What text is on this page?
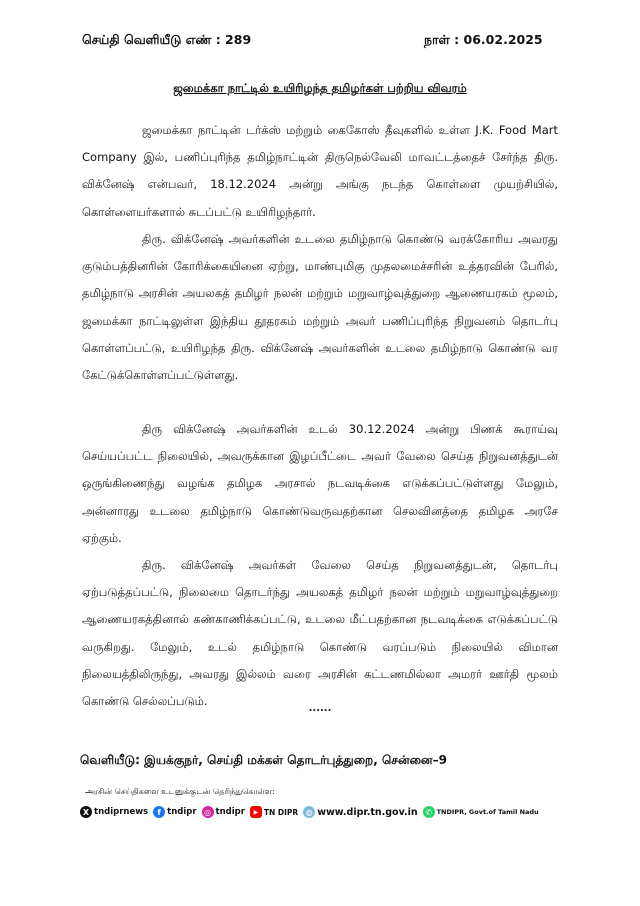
செய்தி வெளியீடு எண் : 289	நாள் : 06.02.2025
ஜமைக்கா நாட்டில் உயிரிழந்த தமிழர்கள் பற்றிய விவரம்
ஜமைக்கா நாட்டின் டர்க்ஸ் மற்றும் கைகோஸ் தீவுகளில் உள்ள J.K. Food Mart Company இல், பணிப்புரிந்த தமிழ்நாட்டின் திருநெல்வேலி மாவட்டத்தைச் சேர்ந்த திரு. விக்னேஷ் என்பவர், 18.12.2024 அன்று அங்கு நடந்த கொள்ளை முயற்சியில், கொள்ளையர்களால் சுடப்பட்டு உயிரிழந்தார்.
திரு. விக்னேஷ் அவர்களின் உடலை தமிழ்நாடு கொண்டு வரக்கோரிய அவரது குடும்பத்தினரின் கோரிக்கையினை ஏற்று, மாண்புமிகு முதலமைச்சரின் உத்தரவின் பேரில், தமிழ்நாடு அரசின் அயலகத் தமிழர் நலன் மற்றும் மறுவாழ்வுத்துறை ஆணையரகம் மூலம், ஜமைக்கா நாட்டிலுள்ள இந்திய தூதரகம் மற்றும் அவர் பணிப்புரிந்த நிறுவனம் தொடர்பு கொள்ளப்பட்டு, உயிரிழந்த திரு. விக்னேஷ் அவர்களின் உடலை தமிழ்நாடு கொண்டு வர கேட்டுக்கொள்ளப்பட்டுள்ளது.
திரு விக்னேஷ் அவர்களின் உடல் 30.12.2024 அன்று பிணக் கூராய்வு செய்யப்பட்ட நிலையில், அவருக்கான இழப்பீட்டை அவர் வேலை செய்த நிறுவனத்துடன் ஒருங்கிணைந்து வழங்க தமிழக அரசால் நடவடிக்கை எடுக்கப்பட்டுள்ளது மேலும், அன்னாரது உடலை தமிழ்நாடு கொண்டுவருவதற்கான செலவினத்தை தமிழக அரசே ஏற்கும்.
திரு. விக்னேஷ் அவர்கள் வேலை செய்த நிறுவனத்துடன், தொடர்பு ஏற்படுத்தப்பட்டு, நிலைமை தொடர்ந்து அயலகத் தமிழர் நலன் மற்றும் மறுவாழ்வுத்துறை ஆணையரகத்தினால் கண்காணிக்கப்பட்டு, உடலை மீட்பதற்கான நடவடிக்கை எடுக்கப்பட்டு வருகிறது. மேலும், உடல் தமிழ்நாடு கொண்டு வரப்படும் நிலையில் விமான நிலையத்திலிருந்து, அவரது இல்லம் வரை அரசின் கட்டணமில்லா அமரர் ஊர்தி மூலம் கொண்டு செல்லப்படும்.
......
வெளியீடு: இயக்குநர், செய்தி மக்கள் தொடர்புத்துறை, சென்னை–9
அரசின் செய்திகளை உடனுக்குடன் தெரிந்துகொள்ள:
X tndiprnews	f tndipr ◎ tndipr	▶ TN DIPR ◍ www.dipr.tn.gov.in ✆ TNDIPR, Govt.of Tamil Nadu
